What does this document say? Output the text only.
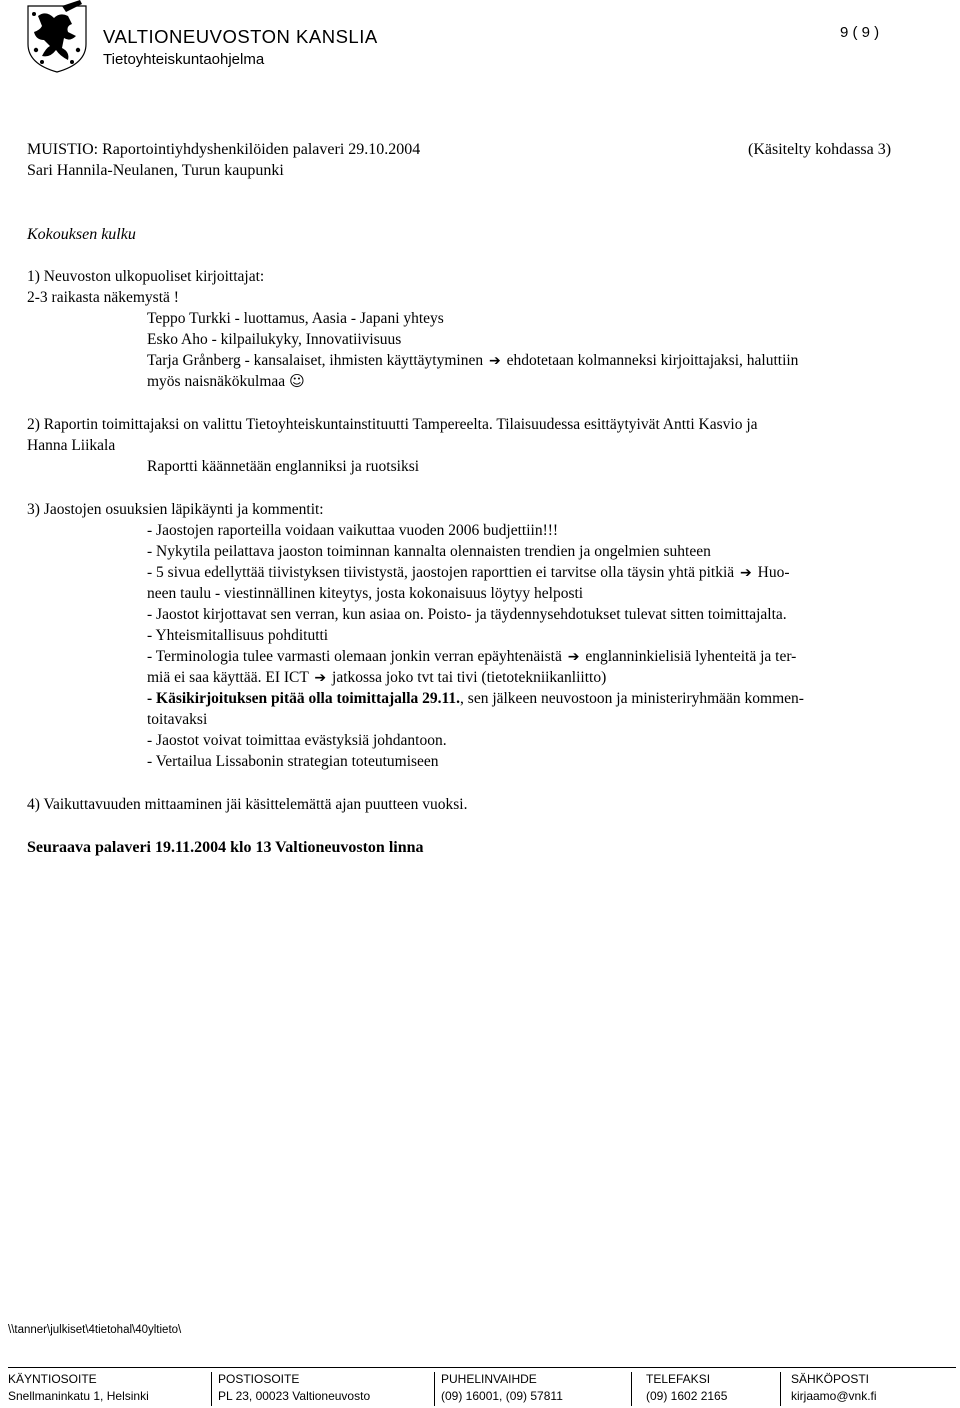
VALTIONEUVOSTON KANSLIA
Tietoyhteiskuntaohjelma
9 ( 9 )
MUISTIO: Raportointiyhdyshenkilöiden palaveri 29.10.2004	(Käsitelty kohdassa 3)
Sari Hannila-Neulanen, Turun kaupunki
Kokouksen kulku
1) Neuvoston ulkopuoliset kirjoittajat:
2-3 raikasta näkemystä !
Teppo Turkki - luottamus, Aasia - Japani yhteys
Esko Aho - kilpailukyky, Innovatiivisuus
Tarja Grånberg - kansalaiset, ihmisten käyttäytyminen ➔ ehdotetaan kolmanneksi kirjoittajaksi, haluttiin
myös naisnäkökulmaa ☺
2) Raportin toimittajaksi on valittu Tietoyhteiskuntainstituutti Tampereelta. Tilaisuudessa esittäytyivät Antti Kasvio ja
Hanna Liikala
Raportti käännetään englanniksi ja ruotsiksi
3) Jaostojen osuuksien läpikäynti ja kommentit:
- Jaostojen raporteilla voidaan vaikuttaa vuoden 2006 budjettiin!!!
- Nykytila peilattava jaoston toiminnan kannalta olennaisten trendien ja ongelmien suhteen
- 5 sivua edellyttää tiivistyksen tiivistystä, jaostojen raporttien ei tarvitse olla täysin yhtä pitkiä ➔ Huo-
neen taulu - viestinnällinen kiteytys, josta kokonaisuus löytyy helposti
- Jaostot kirjottavat sen verran, kun asiaa on. Poisto- ja täydennysehdotukset tulevat sitten toimittajalta.
- Yhteismitallisuus pohditutti
- Terminologia tulee varmasti olemaan jonkin verran epäyhtenäistä ➔ englanninkielisiä lyhenteitä ja ter-
miä ei saa käyttää. EI ICT ➔ jatkossa joko tvt tai tivi (tietotekniikanliitto)
- Käsikirjoituksen pitää olla toimittajalla 29.11., sen jälkeen neuvostoon ja ministeriryhmään kommen-
toitavaksi
- Jaostot voivat toimittaa evästyksiä johdantoon.
- Vertailua Lissabonin strategian toteutumiseen
4) Vaikuttavuuden mittaaminen jäi käsittelemättä ajan puutteen vuoksi.
Seuraava palaveri 19.11.2004 klo 13 Valtioneuvoston linna
\\tanner\julkiset\4tietohal\40yltieto\
KÄYNTIOSOITE
Snellmaninkatu 1, Helsinki
POSTIOSOITE
PL 23, 00023 Valtioneuvosto
PUHELINVAIHDE
(09) 16001, (09) 57811
TELEFAKSI
(09) 1602 2165
SÄHKÖPOSTI
kirjaamo@vnk.fi
